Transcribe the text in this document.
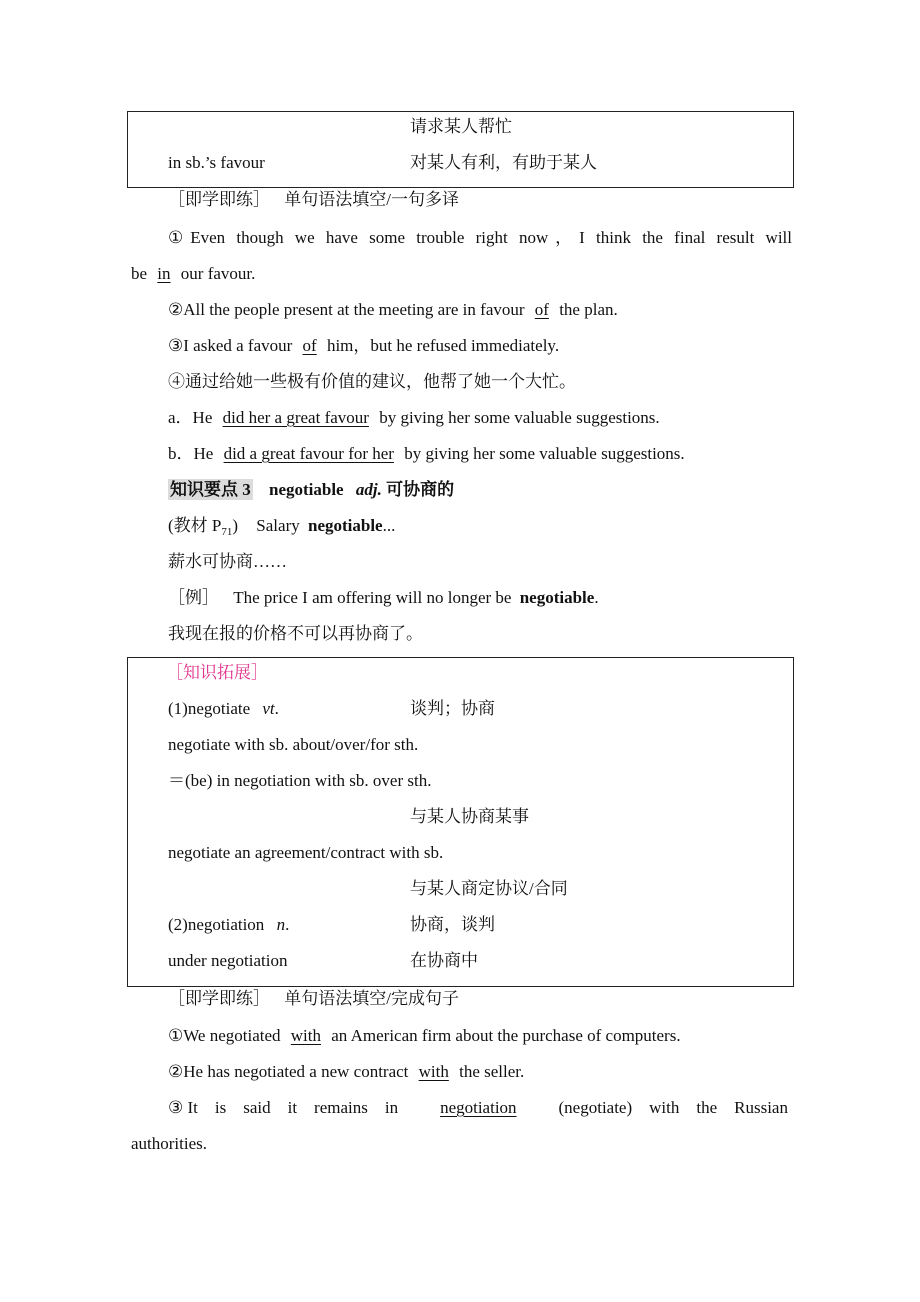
请求某人帮忙
in sb.’s favour	对某人有利，有助于某人
［即学即练］ 单句语法填空/一句多译
①Even though we have some trouble right now，I think the final result will
be in our favour.
②All the people present at the meeting are in favour of the plan.
③I asked a favour of him，but he refused immediately.
④通过给她一些极有价值的建议，他帮了她一个大忙。
a．He did her a great favour by giving her some valuable suggestions.
b．He did a great favour for her by giving her some valuable suggestions.
知识要点 3 negotiable adj. 可协商的
(教材 $P_{71}$) Salary negotiable...
薪水可协商……
［例］ The price I am offering will no longer be negotiable.
我现在报的价格不可以再协商了。
［知识拓展］
(1)negotiate vt.	谈判；协商
negotiate with sb. about/over/for sth.
＝(be) in negotiation with sb. over sth.
与某人协商某事
negotiate an agreement/contract with sb.
与某人商定协议/合同
(2)negotiation n.	协商，谈判
under negotiation	在协商中
［即学即练］ 单句语法填空/完成句子
①We negotiated with an American firm about the purchase of computers.
②He has negotiated a new contract with the seller.
③ It    is    said    it    remains    in negotiation (negotiate)    with    the    Russian
authorities.
